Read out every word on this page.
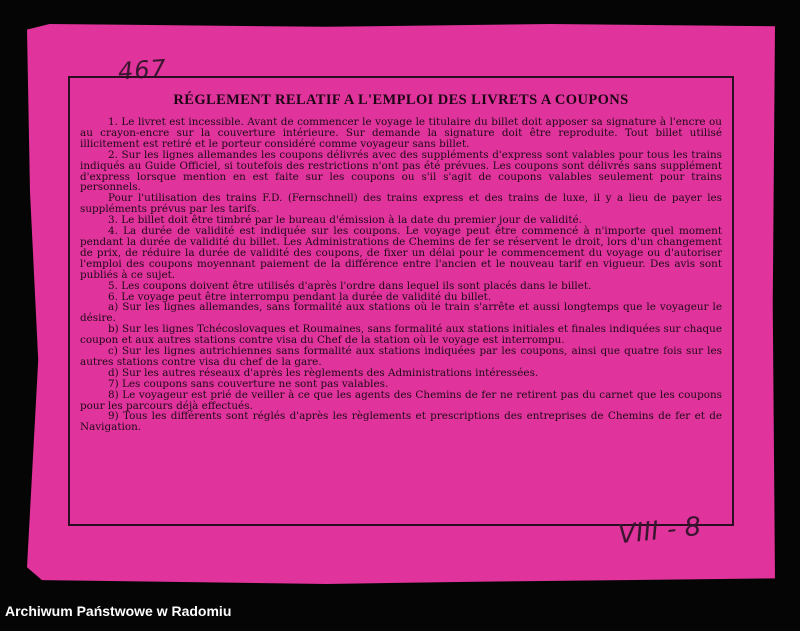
467
RÉGLEMENT RELATIF A L'EMPLOI DES LIVRETS A COUPONS

1. Le livret est incessible. Avant de commencer le voyage le titulaire du billet doit apposer sa signature à l'encre ou au crayon-encre sur la couverture intérieure. Sur demande la signature doit être reproduite. Tout billet utilisé illicitement est retiré et le porteur considéré comme voyageur sans billet.

2. Sur les lignes allemandes les coupons délivrés avec des suppléments d'express sont valables pour tous les trains indiqués au Guide Officiel, si toutefois des restrictions n'ont pas été prévues. Les coupons sont délivrés sans supplément d'express lorsque mention en est faite sur les coupons ou s'il s'agit de coupons valables seulement pour trains personnels.

Pour l'utilisation des trains F.D. (Fernschnell) des trains express et des trains de luxe, il y a lieu de payer les suppléments prévus par les tarifs.

3. Le billet doit être timbré par le bureau d'émission à la date du premier jour de validité.

4. La durée de validité est indiquée sur les coupons. Le voyage peut être commencé à n'importe quel moment pendant la durée de validité du billet. Les Administrations de Chemins de fer se réservent le droit, lors d'un changement de prix, de réduire la durée de validité des coupons, de fixer un délai pour le commencement du voyage ou d'autoriser l'emploi des coupons moyennant paiement de la différence entre l'ancien et le nouveau tarif en vigueur. Des avis sont publiés à ce sujet.

5. Les coupons doivent être utilisés d'après l'ordre dans lequel ils sont placés dans le billet.

6. Le voyage peut être interrompu pendant la durée de validité du billet.

a) Sur les lignes allemandes, sans formalité aux stations où le train s'arrête et aussi longtemps que le voyageur le désire.

b) Sur les lignes Tchécoslovaques et Roumaines, sans formalité aux stations initiales et finales indiquées sur chaque coupon et aux autres stations contre visa du Chef de la station où le voyage est interrompu.

c) Sur les lignes autrichiennes sans formalité aux stations indiquées par les coupons, ainsi que quatre fois sur les autres stations contre visa du chef de la gare.

d) Sur les autres réseaux d'après les règlements des Administrations intéressées.

7) Les coupons sans couverture ne sont pas valables.

8) Le voyageur est prié de veiller à ce que les agents des Chemins de fer ne retirent pas du carnet que les coupons pour les parcours déjà effectués.

9) Tous les différents sont réglés d'après les règlements et prescriptions des entreprises de Chemins de fer et de Navigation.

VIII - 8
Archiwum Państwowe w Radomiu
